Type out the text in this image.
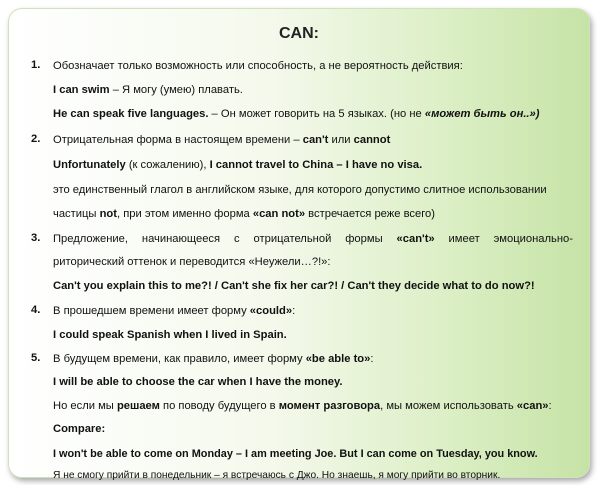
CAN:
1. Обозначает только возможность или способность, а не вероятность действия:
I can swim – Я могу (умею) плавать.
He can speak five languages. – Он может говорить на 5 языках. (но не «может быть он..»)
2. Отрицательная форма в настоящем времени – can't или cannot
Unfortunately (к сожалению), I cannot travel to China – I have no visa.
это единственный глагол в английском языке, для которого допустимо слитное использовании
частицы not, при этом именно форма «can not» встречается реже всего)
3. Предложение, начинающееся с отрицательной формы «can't» имеет эмоционально-
риторический оттенок и переводится «Неужели…?!»:
Can't you explain this to me?! / Can't she fix her car?! / Can't they decide what to do now?!
4. В прошедшем времени имеет форму «could»:
I could speak Spanish when I lived in Spain.
5. В будущем времени, как правило, имеет форму «be able to»:
I will be able to choose the car when I have the money.
Но если мы решаем по поводу будущего в момент разговора, мы можем использовать «can»:
Compare:
I won't be able to come on Monday – I am meeting Joe. But I can come on Tuesday, you know.
Я не смогу прийти в понедельник – я встречаюсь с Джо. Но знаешь, я могу прийти во вторник.
